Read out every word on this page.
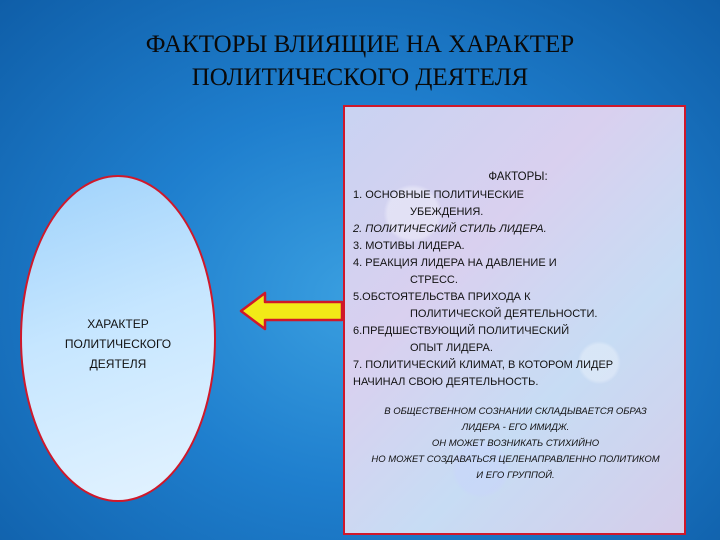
ФАКТОРЫ ВЛИЯЩИЕ НА ХАРАКТЕР
ПОЛИТИЧЕСКОГО ДЕЯТЕЛЯ
ХАРАКТЕР
ПОЛИТИЧЕСКОГО
ДЕЯТЕЛЯ
ФАКТОРЫ:
1. ОСНОВНЫЕ ПОЛИТИЧЕСКИЕ
УБЕЖДЕНИЯ.
2. ПОЛИТИЧЕСКИЙ СТИЛЬ ЛИДЕРА.
3. МОТИВЫ ЛИДЕРА.
4. РЕАКЦИЯ ЛИДЕРА НА ДАВЛЕНИЕ И
СТРЕСС.
5.ОБСТОЯТЕЛЬСТВА ПРИХОДА К
ПОЛИТИЧЕСКОЙ ДЕЯТЕЛЬНОСТИ.
6.ПРЕДШЕСТВУЮЩИЙ ПОЛИТИЧЕСКИЙ
ОПЫТ ЛИДЕРА.
7. ПОЛИТИЧЕСКИЙ КЛИМАТ, В КОТОРОМ ЛИДЕР
НАЧИНАЛ СВОЮ ДЕЯТЕЛЬНОСТЬ.
В ОБЩЕСТВЕННОМ СОЗНАНИИ СКЛАДЫВАЕТСЯ ОБРАЗ
ЛИДЕРА - ЕГО ИМИДЖ.
ОН МОЖЕТ ВОЗНИКАТЬ СТИХИЙНО
НО МОЖЕТ СОЗДАВАТЬСЯ ЦЕЛЕНАПРАВЛЕННО ПОЛИТИКОМ
И ЕГО ГРУППОЙ.
